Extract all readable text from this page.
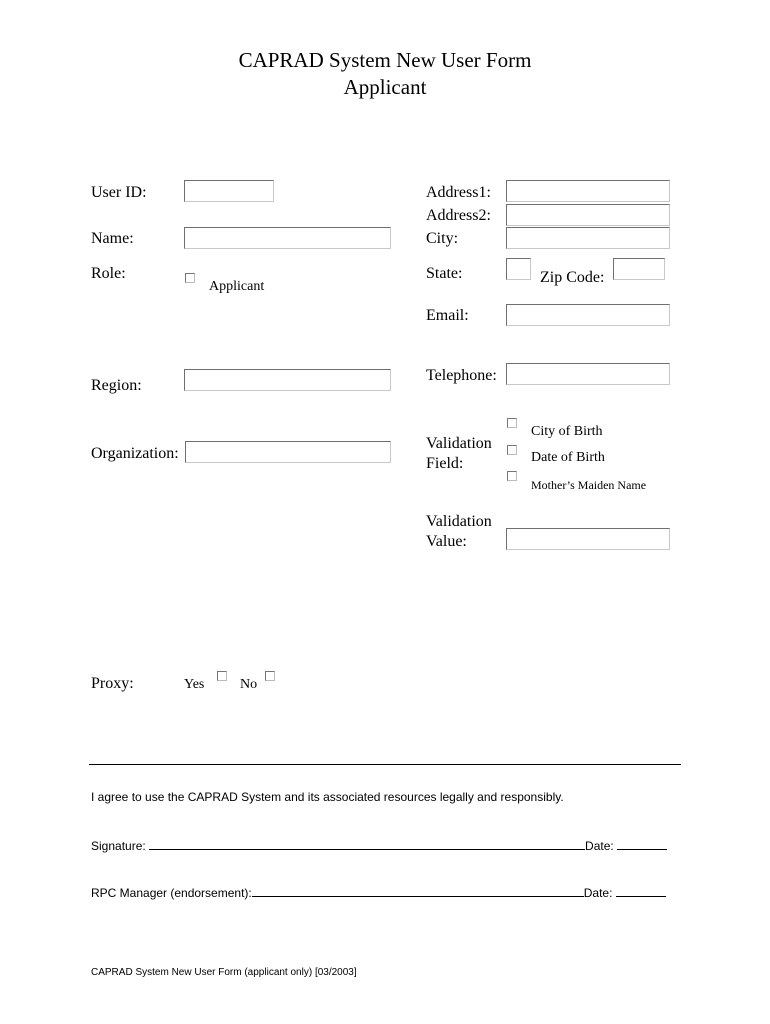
CAPRAD System New User Form
Applicant
User ID:
Name:
Role:
Applicant
Region:
Organization:
Proxy:	Yes	No
Address1:
Address2:
City:
State:	Zip Code:
Email:
Telephone:
Validation
Field:
City of Birth
Date of Birth
Mother’s Maiden Name
Validation
Value:
I agree to use the CAPRAD System and its associated resources legally and responsibly.
Signature:	Date:
RPC Manager (endorsement):	Date:
CAPRAD System New User Form (applicant only) [03/2003]
